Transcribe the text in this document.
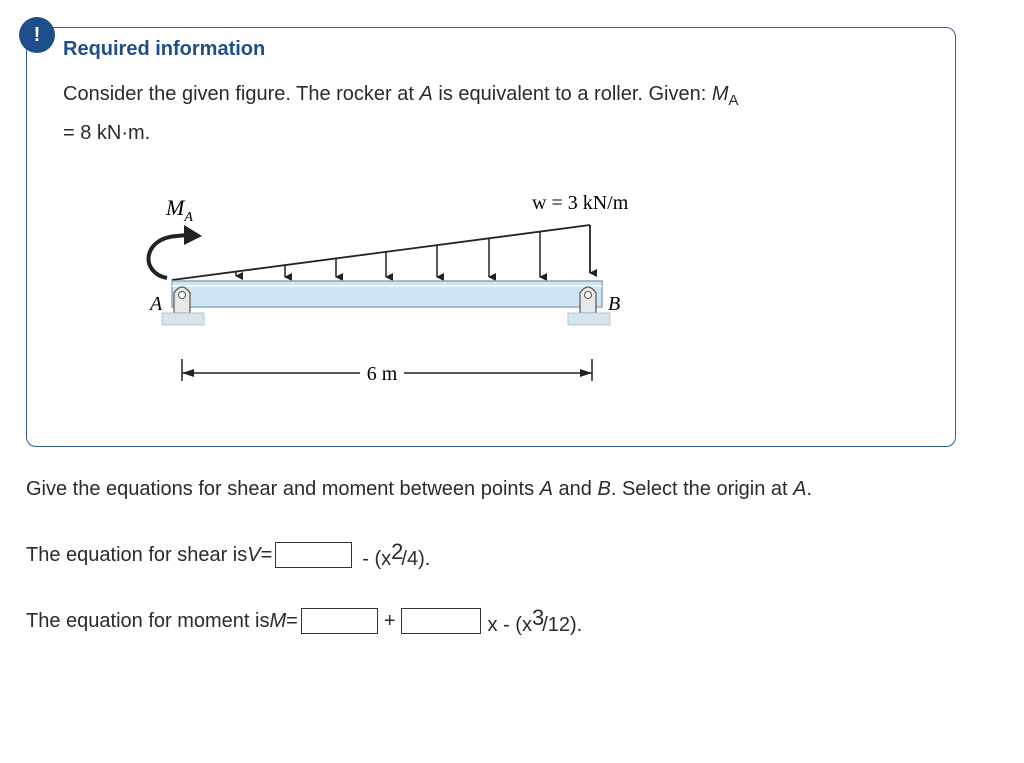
!
Required information

Consider the given figure. The rocker at A is equivalent to a roller. Given: $M_A$
= 8 kN·m.

$M_A$
w = 3 kN/m
A	B
6 m

Give the equations for shear and moment between points A and B. Select the origin at A.

The equation for shear is V =	- $(x^2/4)$.
The equation for moment is M =	+	x - $(x^3/12)$.
